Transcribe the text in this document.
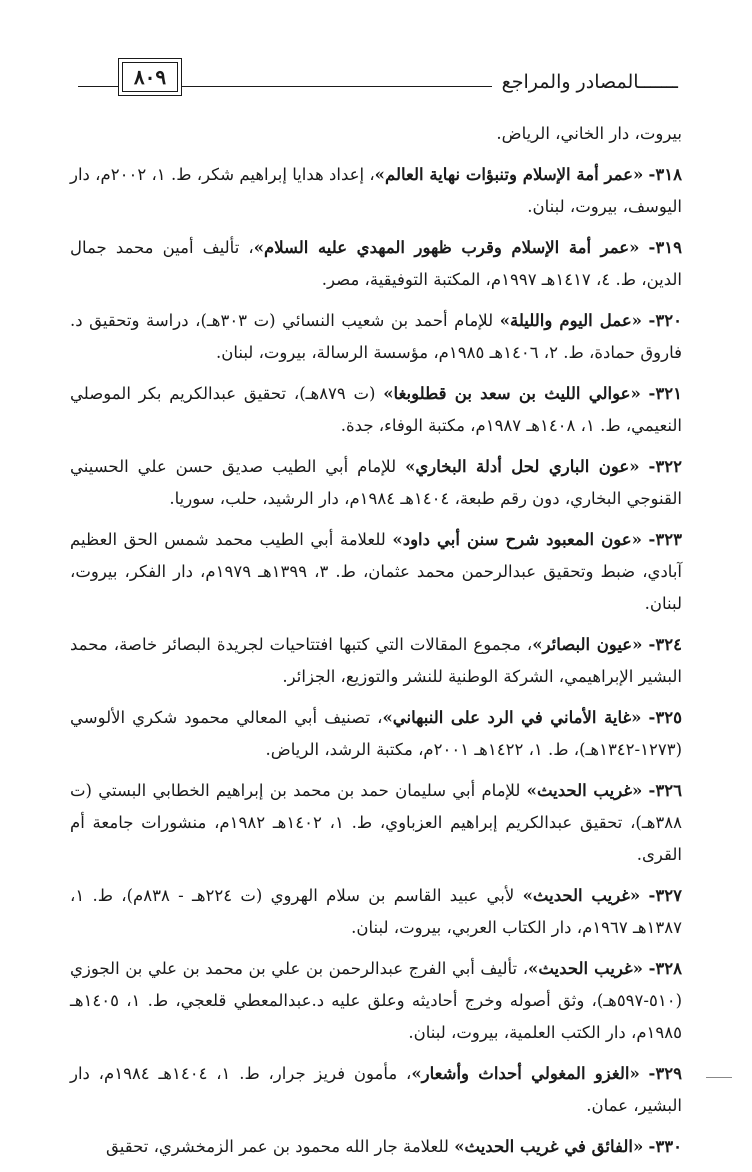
ـــــــالمصادر والمراجع
٨٠٩

بيروت، دار الخاني، الرياض.

٣١٨- «عمر أمة الإسلام وتنبؤات نهاية العالم»، إعداد هدايا إبراهيم شكر، ط. ١، ٢٠٠٢م، دار اليوسف، بيروت، لبنان.

٣١٩- «عمر أمة الإسلام وقرب ظهور المهدي عليه السلام»، تأليف أمين محمد جمال الدين، ط. ٤، ١٤١٧هـ ١٩٩٧م، المكتبة التوفيقية، مصر.

٣٢٠- «عمل اليوم والليلة» للإمام أحمد بن شعيب النسائي (ت ٣٠٣هـ)، دراسة وتحقيق د. فاروق حمادة، ط. ٢، ١٤٠٦هـ ١٩٨٥م، مؤسسة الرسالة، بيروت، لبنان.

٣٢١- «عوالي الليث بن سعد بن قطلوبغا» (ت ٨٧٩هـ)، تحقيق عبدالكريم بكر الموصلي النعيمي، ط. ١، ١٤٠٨هـ ١٩٨٧م، مكتبة الوفاء، جدة.

٣٢٢- «عون الباري لحل أدلة البخاري» للإمام أبي الطيب صديق حسن علي الحسيني القنوجي البخاري، دون رقم طبعة، ١٤٠٤هـ ١٩٨٤م، دار الرشيد، حلب، سوريا.

٣٢٣- «عون المعبود شرح سنن أبي داود» للعلامة أبي الطيب محمد شمس الحق العظيم آبادي، ضبط وتحقيق عبدالرحمن محمد عثمان، ط. ٣، ١٣٩٩هـ ١٩٧٩م، دار الفكر، بيروت، لبنان.

٣٢٤- «عيون البصائر»، مجموع المقالات التي كتبها افتتاحيات لجريدة البصائر خاصة، محمد البشير الإبراهيمي، الشركة الوطنية للنشر والتوزيع، الجزائر.

٣٢٥- «غاية الأماني في الرد على النبهاني»، تصنيف أبي المعالي محمود شكري الألوسي (١٢٧٣-١٣٤٢هـ)، ط. ١، ١٤٢٢هـ ٢٠٠١م، مكتبة الرشد، الرياض.

٣٢٦- «غريب الحديث» للإمام أبي سليمان حمد بن محمد بن إبراهيم الخطابي البستي (ت ٣٨٨هـ)، تحقيق عبدالكريم إبراهيم العزباوي، ط. ١، ١٤٠٢هـ ١٩٨٢م، منشورات جامعة أم القرى.

٣٢٧- «غريب الحديث» لأبي عبيد القاسم بن سلام الهروي (ت ٢٢٤هـ - ٨٣٨م)، ط. ١، ١٣٨٧هـ ١٩٦٧م، دار الكتاب العربي، بيروت، لبنان.

٣٢٨- «غريب الحديث»، تأليف أبي الفرج عبدالرحمن بن علي بن محمد بن علي بن الجوزي (٥١٠-٥٩٧هـ)، وثق أصوله وخرج أحاديثه وعلق عليه د.عبدالمعطي قلعجي، ط. ١، ١٤٠٥هـ ١٩٨٥م، دار الكتب العلمية، بيروت، لبنان.

٣٢٩- «الغزو المغولي أحداث وأشعار»، مأمون فريز جرار، ط. ١، ١٤٠٤هـ ١٩٨٤م، دار البشير، عمان.

٣٣٠- «الفائق في غريب الحديث» للعلامة جار الله محمود بن عمر الزمخشري، تحقيق
